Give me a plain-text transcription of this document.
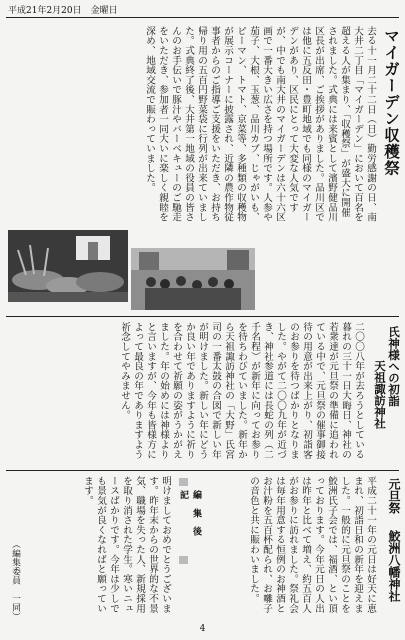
平成21年2月20日　金曜日
マイガーデン収穫祭
去る十一月二十二日（日）勤労感謝の日、南大井二丁目「マイガーデン」において百名を超える人が集まり、「収穫祭」が盛大に開催されました。式典には来賓として濱野健品川区長が出席、ご挨拶がありました。品川区では他に五反田・豊町地域でも同様のマイガーデンがあり、区民にとって大変な人気ですが、中でも南大井のマイガーデンは六十六区画で一番大きい広さを持つ場所です。人参や茄子、大根、玉葱、品川カブ、じゃがいも、ピーマン、トマト、京菜等、多種類の収穫物が展示コーナーに披露され、近隣の農作物従事者からのご指導ご支援をいただき、お持ち帰り用の五百円野菜袋に行列が出来ていました。式典終了後、大井第一地域の役員の皆さんのお手伝いで豚汁やバーベキューのご馳走をいただき、参加者一同大いに楽しく親睦を深め、地域交流で賑わっていました。
氏神様への初詣
天祖諏訪神社
二〇〇八年が去ろうとしている暮れの三十一日大晦日、神社の若衆達が元旦祭の準備に追われている中で、元旦祭の催事御接待の用意が出来上がり、初詣客のお参りを待つばかりとなりました。やがて二〇〇九年が近づき、神社参道には長蛇の列（二千名程）が新年に向ってお参りを待ちわびていました。新年から天祖諏訪神社の「大野」氏宮司の一番太鼓の合図で新しい年が明けました。新しい年にどうか良い年でありますように祈りを合わせて祈願の姿がうかがえました。年の始めには神様よりと言いますが、今年も皆様方によって最良の年でありますよう祈念してやみません。
元旦祭
鮫洲八幡神社
平成二十一年の元日は好天に恵まれ、初詣日和の新年を迎えました。一般的に元旦祭のことを鮫洲氏子会では、福酒、とい頂っております。今年元日の人出は昨年と比べて増え、約五百人がお参りに訪れました。祭礼会は毎年用意する恒例のお神酒とお汁粉を五百杯配られ、お囃子の音色と共に賑わいました。
編　集　後　記
明けましておめでとうございます。昨年末からの世界的な不景気、職場を失った人、新規採用を取り消された学生。寒いニュースばかりです。今年は少しでも景気が良くなればと願っています。
（編集委員　一同）
4
